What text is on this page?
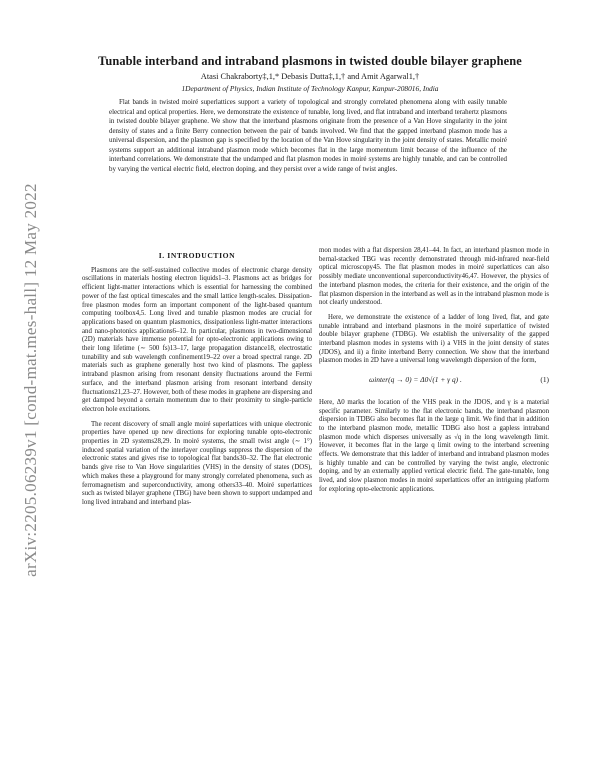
arXiv:2205.06239v1 [cond-mat.mes-hall] 12 May 2022
Tunable interband and intraband plasmons in twisted double bilayer graphene
Atasi Chakraborty‡,1,* Debasis Dutta‡,1,† and Amit Agarwal1,†
1Department of Physics, Indian Institute of Technology Kanpur, Kanpur-208016, India

Flat bands in twisted moiré superlattices support a variety of topological and strongly correlated phenomena along with easily tunable electrical and optical properties. Here, we demonstrate the existence of tunable, long lived, and flat intraband and interband terahertz plasmons in twisted double bilayer graphene. We show that the interband plasmons originate from the presence of a Van Hove singularity in the joint density of states and a finite Berry connection between the pair of bands involved. We find that the gapped interband plasmon mode has a universal dispersion, and the plasmon gap is specified by the location of the Van Hove singularity in the joint density of states. Metallic moiré systems support an additional intraband plasmon mode which becomes flat in the large momentum limit because of the influence of the interband correlations. We demonstrate that the undamped and flat plasmon modes in moiré systems are highly tunable, and can be controlled by varying the vertical electric field, electron doping, and they persist over a wide range of twist angles.

I. INTRODUCTION

Plasmons are the self-sustained collective modes of electronic charge density oscillations in materials hosting electron liquids1–3. Plasmons act as bridges for efficient light-matter interactions which is essential for harnessing the combined power of the fast optical timescales and the small lattice length-scales. Dissipation-free plasmon modes form an important component of the light-based quantum computing toolbox4,5. Long lived and tunable plasmon modes are crucial for applications based on quantum plasmonics, dissipationless light-matter interactions and nano-photonics applications6–12. In particular, plasmons in two-dimensional (2D) materials have immense potential for opto-electronic applications owing to their long lifetime (∼ 500 fs)13–17, large propagation distance18, electrostatic tunability and sub wavelength confinement19–22 over a broad spectral range. 2D materials such as graphene generally host two kind of plasmons. The gapless intraband plasmon arising from resonant density fluctuations around the Fermi surface, and the interband plasmon arising from resonant interband density fluctuations21,23–27. However, both of these modes in graphene are dispersing and get damped beyond a certain momentum due to their proximity to single-particle electron hole excitations.

The recent discovery of small angle moiré superlattices with unique electronic properties have opened up new directions for exploring tunable opto-electronic properties in 2D systems28,29. In moiré systems, the small twist angle (∼ 1°) induced spatial variation of the interlayer couplings suppress the dispersion of the electronic states and gives rise to topological flat bands30–32. The flat electronic bands give rise to Van Hove singularities (VHS) in the density of states (DOS), which makes these a playground for many strongly correlated phenomena, such as ferromagnetism and superconductivity, among others33–40. Moiré superlattices such as twisted bilayer graphene (TBG) have been shown to support undamped and long lived intraband and interband plas-

mon modes with a flat dispersion 28,41–44. In fact, an interband plasmon mode in bernal-stacked TBG was recently demonstrated through mid-infrared near-field optical microscopy45. The flat plasmon modes in moiré superlattices can also possibly mediate unconventional superconductivity46,47. However, the physics of the interband plasmon modes, the criteria for their existence, and the origin of the flat plasmon dispersion in the interband as well as in the intraband plasmon mode is not clearly understood.

Here, we demonstrate the existence of a ladder of long lived, flat, and gate tunable intraband and interband plasmons in the moiré superlattice of twisted double bilayer graphene (TDBG). We establish the universality of the gapped interband plasmon modes in systems with i) a VHS in the joint density of states (JDOS), and ii) a finite interband Berry connection. We show that the interband plasmon modes in 2D have a universal long wavelength dispersion of the form,

ωinter(q → 0) = Δ0√(1 + γ q) .	(1)

Here, Δ0 marks the location of the VHS peak in the JDOS, and γ is a material specific parameter. Similarly to the flat electronic bands, the interband plasmon dispersion in TDBG also becomes flat in the large q limit. We find that in addition to the interband plasmon mode, metallic TDBG also host a gapless intraband plasmon mode which disperses universally as √q in the long wavelength limit. However, it becomes flat in the large q limit owing to the interband screening effects. We demonstrate that this ladder of interband and intraband plasmon modes is highly tunable and can be controlled by varying the twist angle, electronic doping, and by an externally applied vertical electric field. The gate-tunable, long lived, and slow plasmon modes in moiré superlattices offer an intriguing platform for exploring opto-electronic applications.
